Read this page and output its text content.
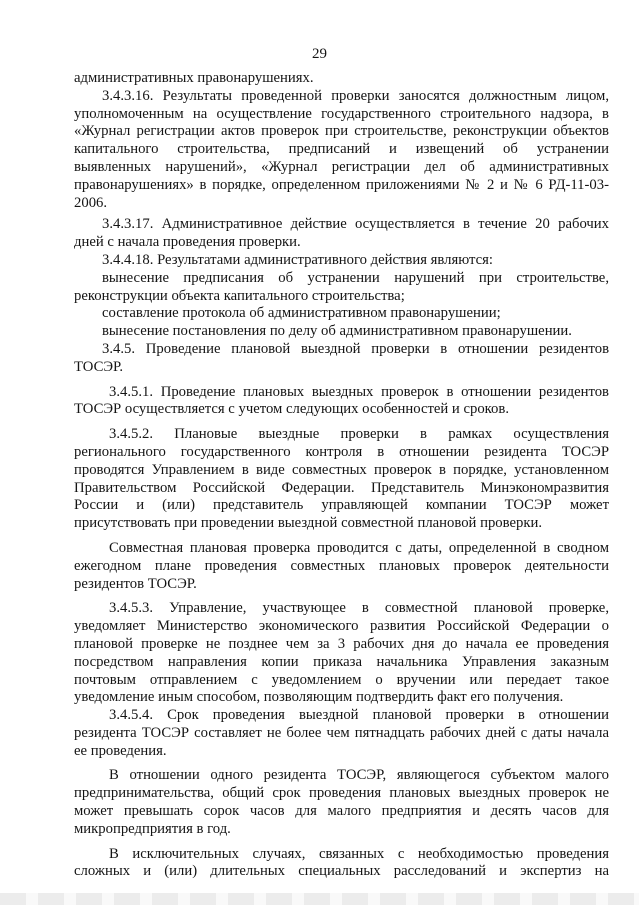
29
административных правонарушениях.
3.4.3.16. Результаты проведенной проверки заносятся должностным лицом,
уполномоченным на осуществление государственного строительного надзора, в
«Журнал регистрации актов проверок при строительстве, реконструкции объектов
капитального строительства, предписаний и извещений об устранении
выявленных нарушений», «Журнал регистрации дел об административных
правонарушениях» в порядке, определенном приложениями № 2 и № 6 РД-11-03-
2006.
3.4.3.17. Административное действие осуществляется в течение 20 рабочих
дней с начала проведения проверки.
3.4.4.18. Результатами административного действия являются:
вынесение предписания об устранении нарушений при строительстве,
реконструкции объекта капитального строительства;
составление протокола об административном правонарушении;
вынесение постановления по делу об административном правонарушении.
3.4.5. Проведение плановой выездной проверки в отношении резидентов
ТОСЭР.
3.4.5.1. Проведение плановых выездных проверок в отношении резидентов
ТОСЭР осуществляется с учетом следующих особенностей и сроков.
3.4.5.2. Плановые выездные проверки в рамках осуществления
регионального государственного контроля в отношении резидента ТОСЭР
проводятся Управлением в виде совместных проверок в порядке, установленном
Правительством Российской Федерации. Представитель Минэкономразвития
России и (или) представитель управляющей компании ТОСЭР может
присутствовать при проведении выездной совместной плановой проверки.
Совместная плановая проверка проводится с даты, определенной в сводном
ежегодном плане проведения совместных плановых проверок деятельности
резидентов ТОСЭР.
3.4.5.3. Управление, участвующее в совместной плановой проверке,
уведомляет Министерство экономического развития Российской Федерации о
плановой проверке не позднее чем за 3 рабочих дня до начала ее проведения
посредством направления копии приказа начальника Управления заказным
почтовым отправлением с уведомлением о вручении или передает такое
уведомление иным способом, позволяющим подтвердить факт его получения.
3.4.5.4. Срок проведения выездной плановой проверки в отношении
резидента ТОСЭР составляет не более чем пятнадцать рабочих дней с даты начала
ее проведения.
В отношении одного резидента ТОСЭР, являющегося субъектом малого
предпринимательства, общий срок проведения плановых выездных проверок не
может превышать сорок часов для малого предприятия и десять часов для
микропредприятия в год.
В исключительных случаях, связанных с необходимостью проведения
сложных и (или) длительных специальных расследований и экспертиз на
